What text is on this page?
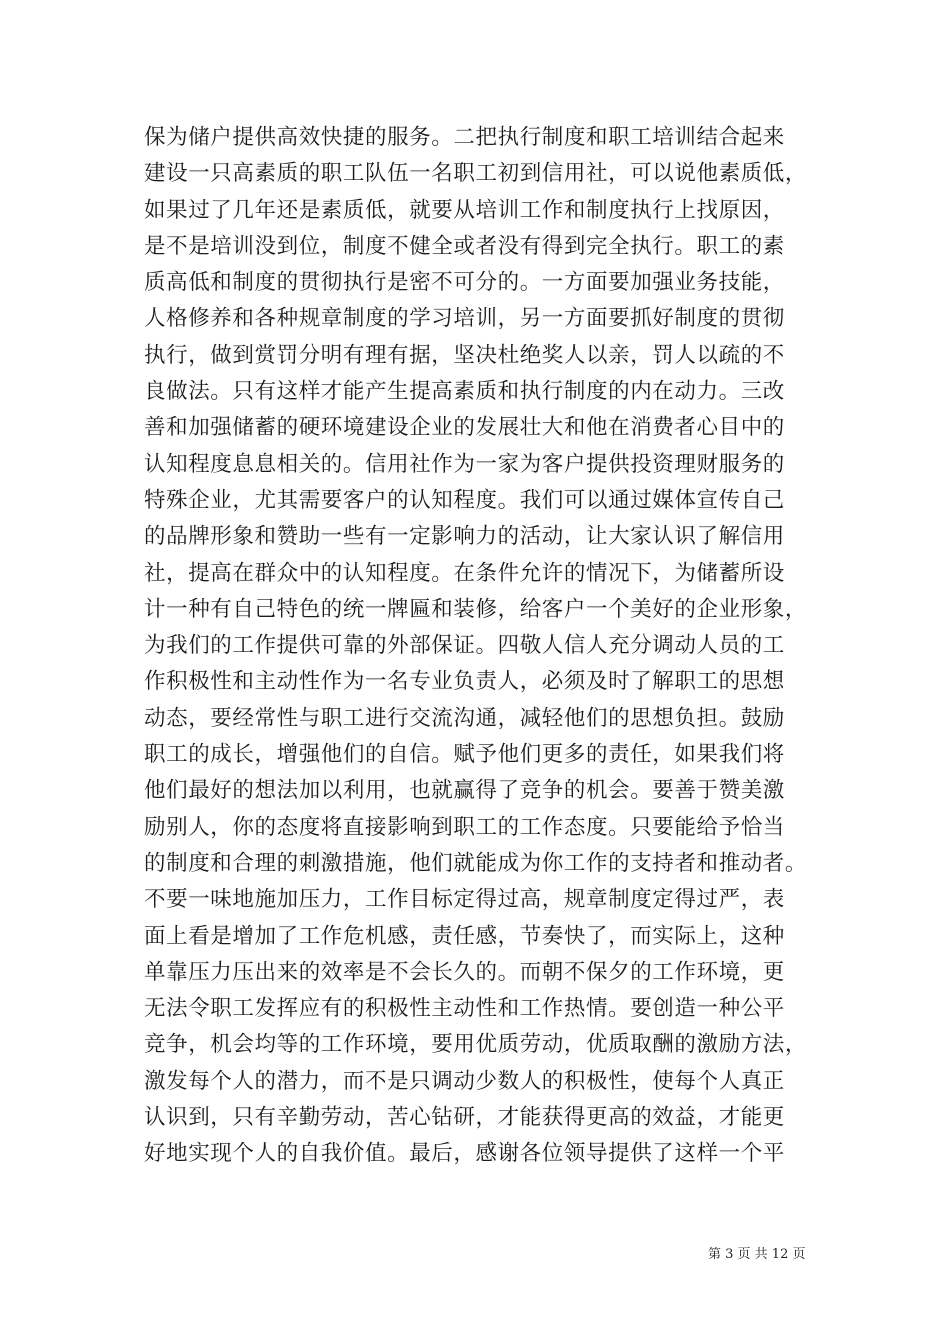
保为储户提供高效快捷的服务。二把执行制度和职工培训结合起来
建设一只高素质的职工队伍一名职工初到信用社，可以说他素质低，
如果过了几年还是素质低，就要从培训工作和制度执行上找原因，
是不是培训没到位，制度不健全或者没有得到完全执行。职工的素
质高低和制度的贯彻执行是密不可分的。一方面要加强业务技能，
人格修养和各种规章制度的学习培训，另一方面要抓好制度的贯彻
执行，做到赏罚分明有理有据，坚决杜绝奖人以亲，罚人以疏的不
良做法。只有这样才能产生提高素质和执行制度的内在动力。三改
善和加强储蓄的硬环境建设企业的发展壮大和他在消费者心目中的
认知程度息息相关的。信用社作为一家为客户提供投资理财服务的
特殊企业，尤其需要客户的认知程度。我们可以通过媒体宣传自己
的品牌形象和赞助一些有一定影响力的活动，让大家认识了解信用
社，提高在群众中的认知程度。在条件允许的情况下，为储蓄所设
计一种有自己特色的统一牌匾和装修，给客户一个美好的企业形象，
为我们的工作提供可靠的外部保证。四敬人信人充分调动人员的工
作积极性和主动性作为一名专业负责人，必须及时了解职工的思想
动态，要经常性与职工进行交流沟通，减轻他们的思想负担。鼓励
职工的成长，增强他们的自信。赋予他们更多的责任，如果我们将
他们最好的想法加以利用，也就赢得了竞争的机会。要善于赞美激
励别人，你的态度将直接影响到职工的工作态度。只要能给予恰当
的制度和合理的刺激措施，他们就能成为你工作的支持者和推动者。
不要一味地施加压力，工作目标定得过高，规章制度定得过严，表
面上看是增加了工作危机感，责任感，节奏快了，而实际上，这种
单靠压力压出来的效率是不会长久的。而朝不保夕的工作环境，更
无法令职工发挥应有的积极性主动性和工作热情。要创造一种公平
竞争，机会均等的工作环境，要用优质劳动，优质取酬的激励方法，
激发每个人的潜力，而不是只调动少数人的积极性，使每个人真正
认识到，只有辛勤劳动，苦心钻研，才能获得更高的效益，才能更
好地实现个人的自我价值。最后，感谢各位领导提供了这样一个平
第 3 页 共 12 页
